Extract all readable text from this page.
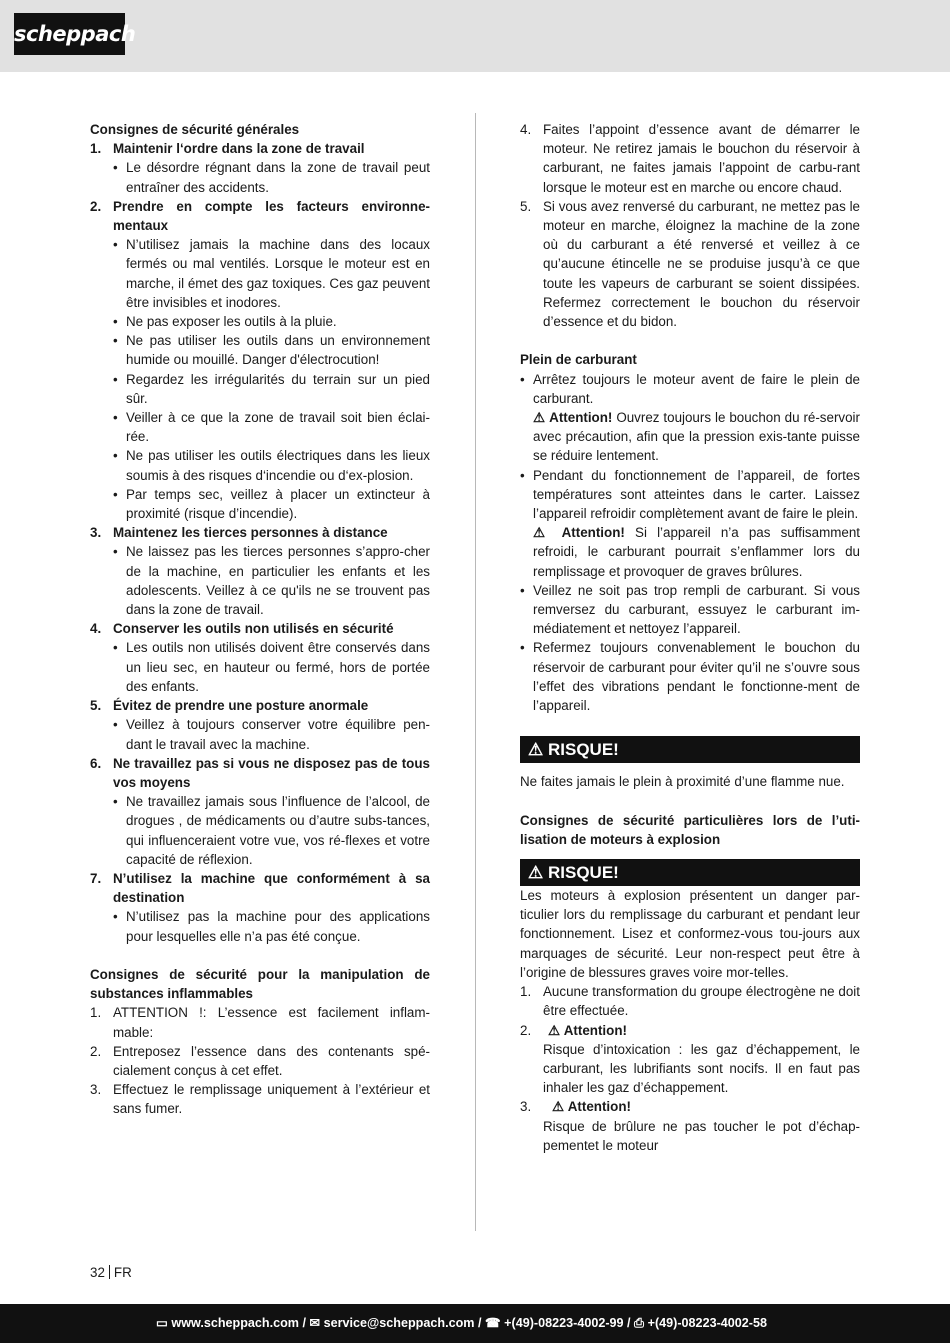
scheppach

Consignes de sécurité générales

1. Maintenir l‘ordre dans la zone de travail
• Le désordre régnant dans la zone de travail peut entraîner des accidents.
2. Prendre en compte les facteurs environne-mentaux
• N’utilisez jamais la machine dans des locaux fermés ou mal ventilés. Lorsque le moteur est en marche, il émet des gaz toxiques. Ces gaz peuvent être invisibles et inodores.
• Ne pas exposer les outils à la pluie.
• Ne pas utiliser les outils dans un environnement humide ou mouillé. Danger d'électrocution!
• Regardez les irrégularités du terrain sur un pied sûr.
• Veiller à ce que la zone de travail soit bien éclai-rée.
• Ne pas utiliser les outils électriques dans les lieux soumis à des risques d‘incendie ou d‘ex-plosion.
• Par temps sec, veillez à placer un extincteur à proximité (risque d’incendie).
3. Maintenez les tierces personnes à distance
• Ne laissez pas les tierces personnes s’appro-cher de la machine, en particulier les enfants et les adolescents. Veillez à ce qu'ils ne se trouvent pas dans la zone de travail.
4. Conserver les outils non utilisés en sécurité
• Les outils non utilisés doivent être conservés dans un lieu sec, en hauteur ou fermé, hors de portée des enfants.
5. Évitez de prendre une posture anormale
• Veillez à toujours conserver votre équilibre pen-dant le travail avec la machine.
6. Ne travaillez pas si vous ne disposez pas de tous vos moyens
• Ne travaillez jamais sous l’influence de l’alcool, de drogues , de médicaments ou d’autre subs-tances, qui influenceraient votre vue, vos ré-flexes et votre capacité de réflexion.
7. N’utilisez la machine que conformément à sa destination
• N’utilisez pas la machine pour des applications pour lesquelles elle n’a pas été conçue.

Consignes de sécurité pour la manipulation de substances inflammables

1. ATTENTION !: L’essence est facilement inflam-mable:
2. Entreposez l’essence dans des contenants spé-cialement conçus à cet effet.
3. Effectuez le remplissage uniquement à l’extérieur et sans fumer.
4. Faites l’appoint d’essence avant de démarrer le moteur. Ne retirez jamais le bouchon du réservoir à carburant, ne faites jamais l’appoint de carbu-rant lorsque le moteur est en marche ou encore chaud.
5. Si vous avez renversé du carburant, ne mettez pas le moteur en marche, éloignez la machine de la zone où du carburant a été renversé et veillez à ce qu’aucune étincelle ne se produise jusqu’à ce que toute les vapeurs de carburant se soient dissipées. Refermez correctement le bouchon du réservoir d’essence et du bidon.

Plein de carburant

• Arrêtez toujours le moteur avent de faire le plein de carburant.

⚠ Attention! Ouvrez toujours le bouchon du ré-servoir avec précaution, afin que la pression exis-tante puisse se réduire lentement.

• Pendant du fonctionnement de l’appareil, de fortes températures sont atteintes dans le carter. Laissez l’appareil refroidir complètement avant de faire le plein.

⚠ Attention! Si l’appareil n’a pas suffisamment refroidi, le carburant pourrait s’enflammer lors du remplissage et provoquer de graves brûlures.

• Veillez ne soit pas trop rempli de carburant. Si vous remversez du carburant, essuyez le carburant im-médiatement et nettoyez l’appareil.
• Refermez toujours convenablement le bouchon du réservoir de carburant pour éviter qu’il ne s’ouvre sous l’effet des vibrations pendant le fonctionne-ment de l’appareil.
⚠ RISQUE!

Ne faites jamais le plein à proximité d’une flamme nue.

Consignes de sécurité particulières lors de l’uti-lisation de moteurs à explosion

⚠ RISQUE!

Les moteurs à explosion présentent un danger par-ticulier lors du remplissage du carburant et pendant leur fonctionnement. Lisez et conformez-vous tou-jours aux marquages de sécurité. Leur non-respect peut être à l’origine de blessures graves voire mor-telles.

1. Aucune transformation du groupe électrogène ne doit être effectuée.
2. ⚠ Attention!
Risque d’intoxication : les gaz d’échappement, le carburant, les lubrifiants sont nocifs. Il en faut pas inhaler les gaz d’échappement.
3. ⚠ Attention!
Risque de brûlure ne pas toucher le pot d’échap-pementet le moteur
32 FR
▭ www.scheppach.com / ✉ service@scheppach.com / ☎ +(49)-08223-4002-99 / ⎙ +(49)-08223-4002-58
